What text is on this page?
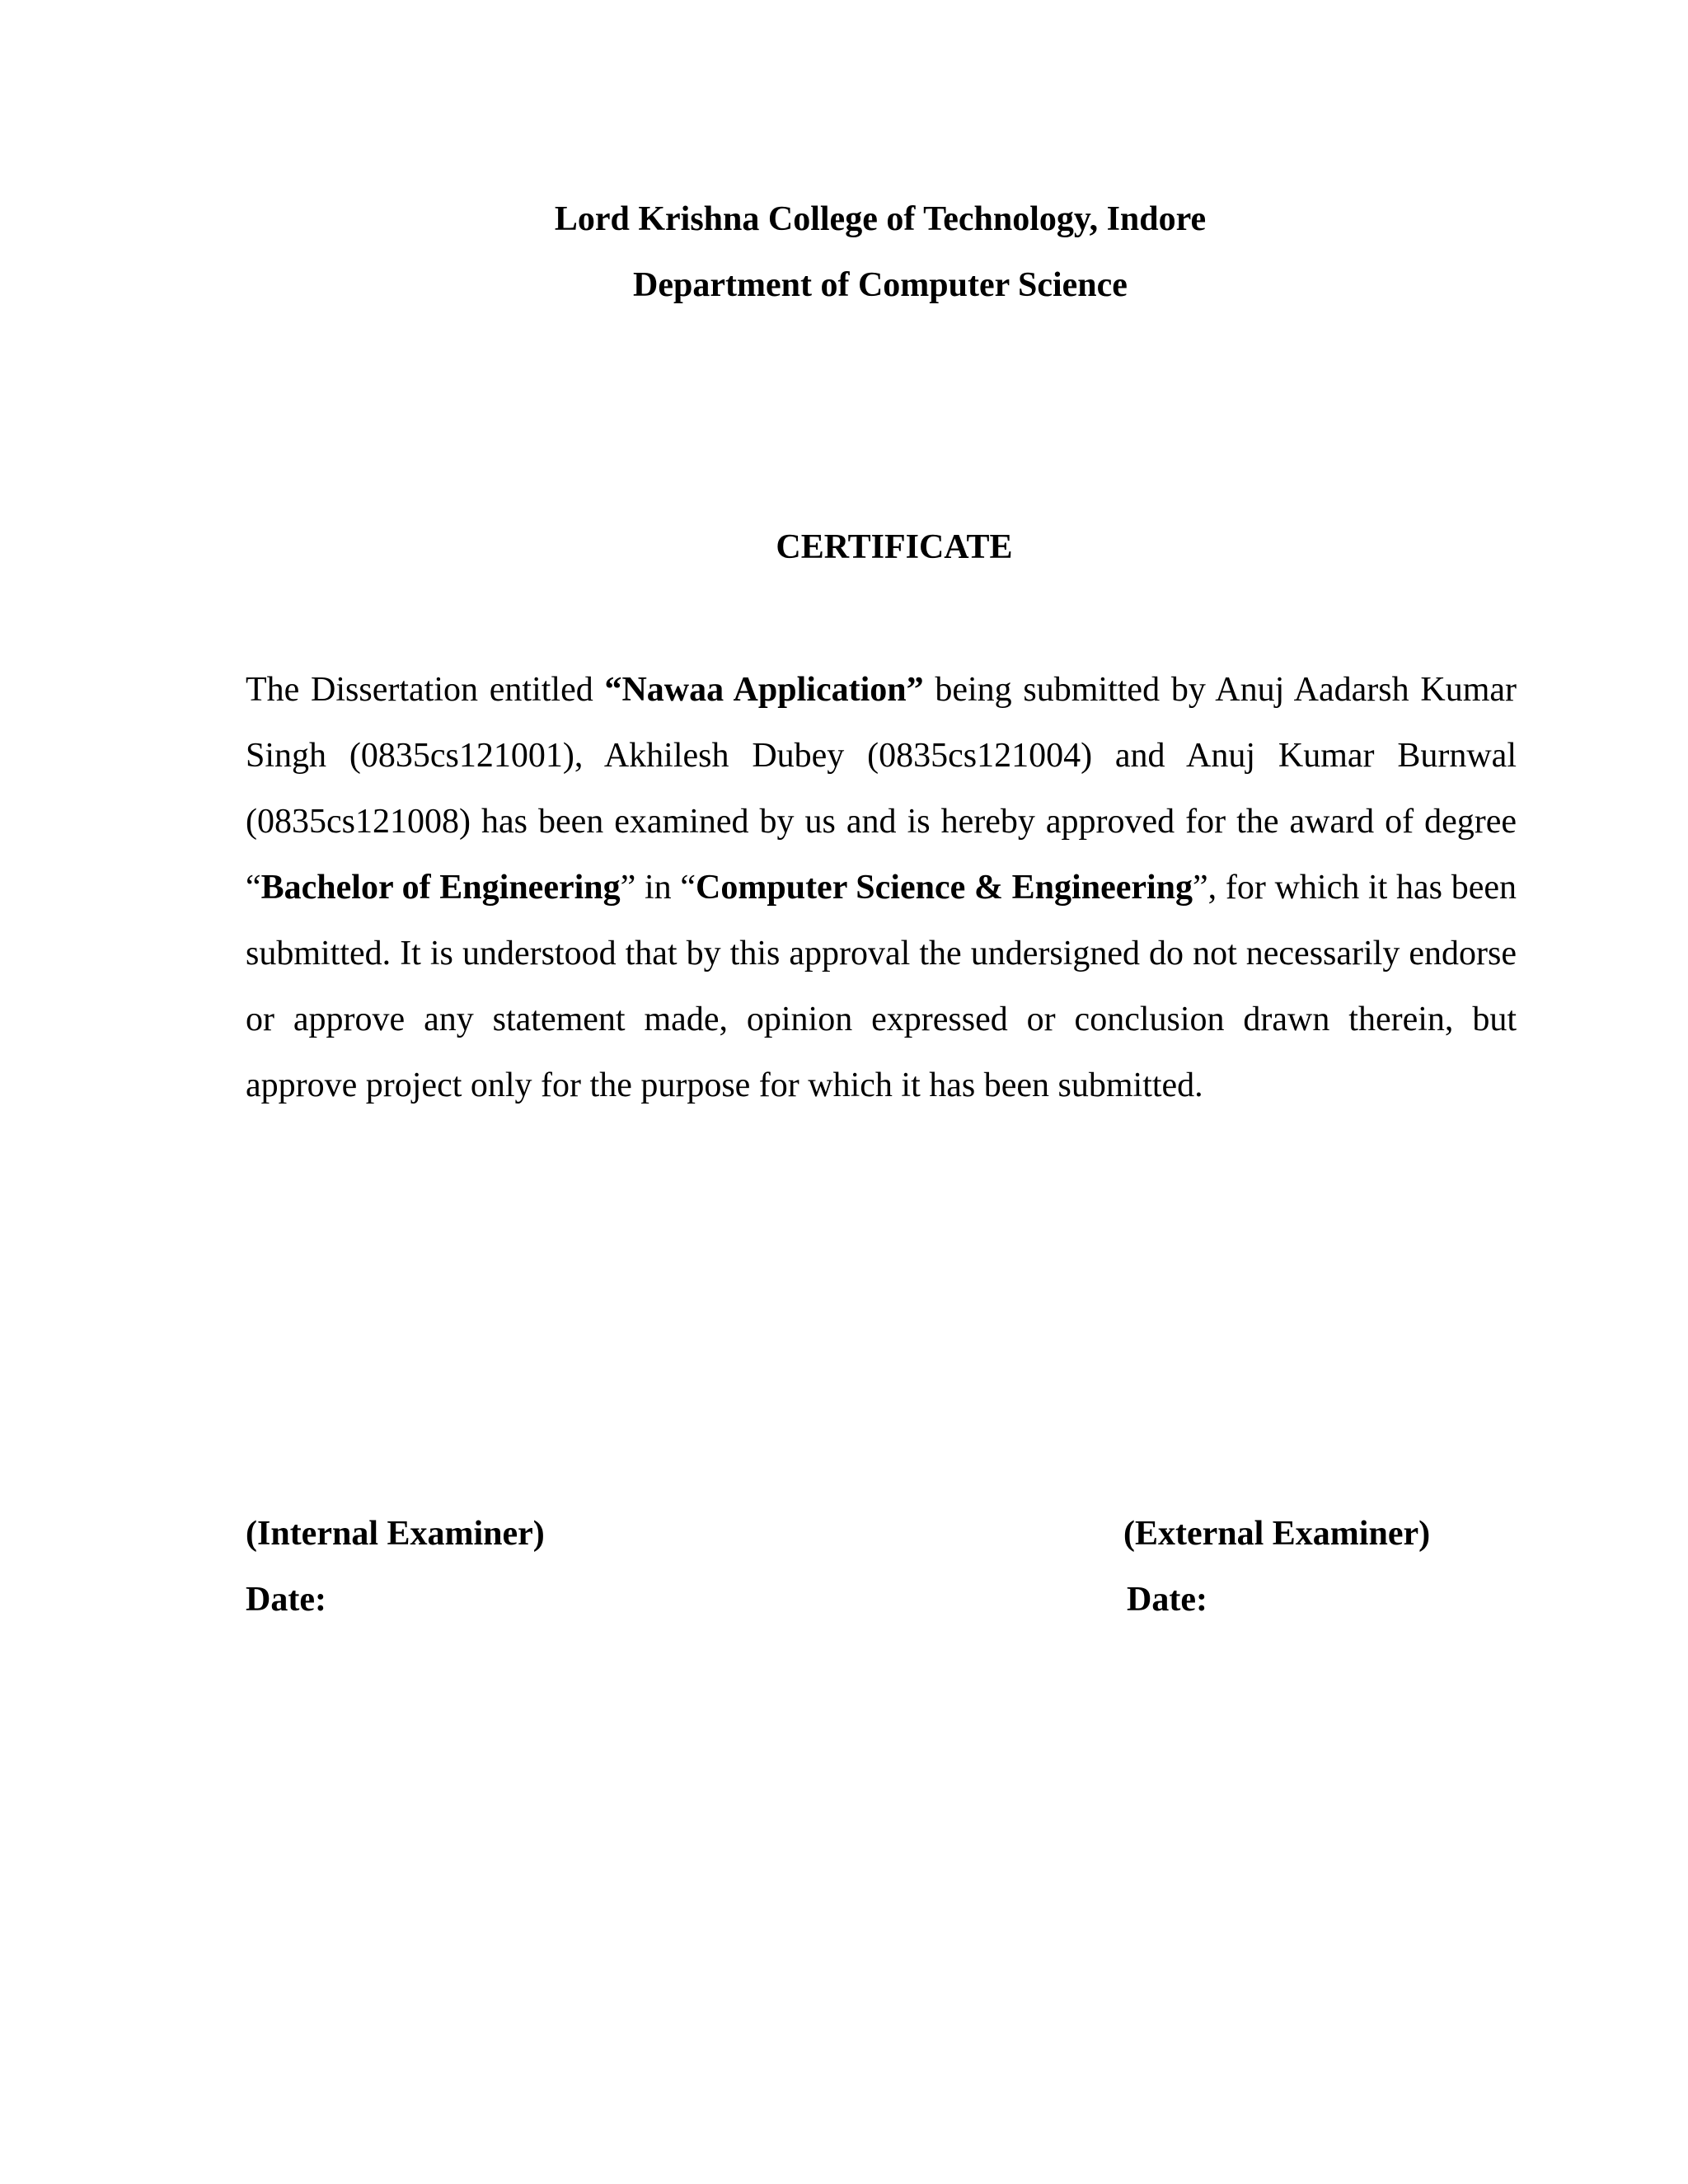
Lord Krishna College of Technology, Indore
Department of Computer Science
CERTIFICATE

The Dissertation entitled “Nawaa Application” being submitted by Anuj Aadarsh Kumar Singh (0835cs121001), Akhilesh Dubey (0835cs121004) and Anuj Kumar Burnwal (0835cs121008) has been examined by us and is hereby approved for the award of degree “Bachelor of Engineering” in “Computer Science & Engineering”, for which it has been submitted. It is understood that by this approval the undersigned do not necessarily endorse or approve any statement made, opinion expressed or conclusion drawn therein, but approve project only for the purpose for which it has been submitted.

(Internal Examiner)
Date:
(External Examiner)
Date:
